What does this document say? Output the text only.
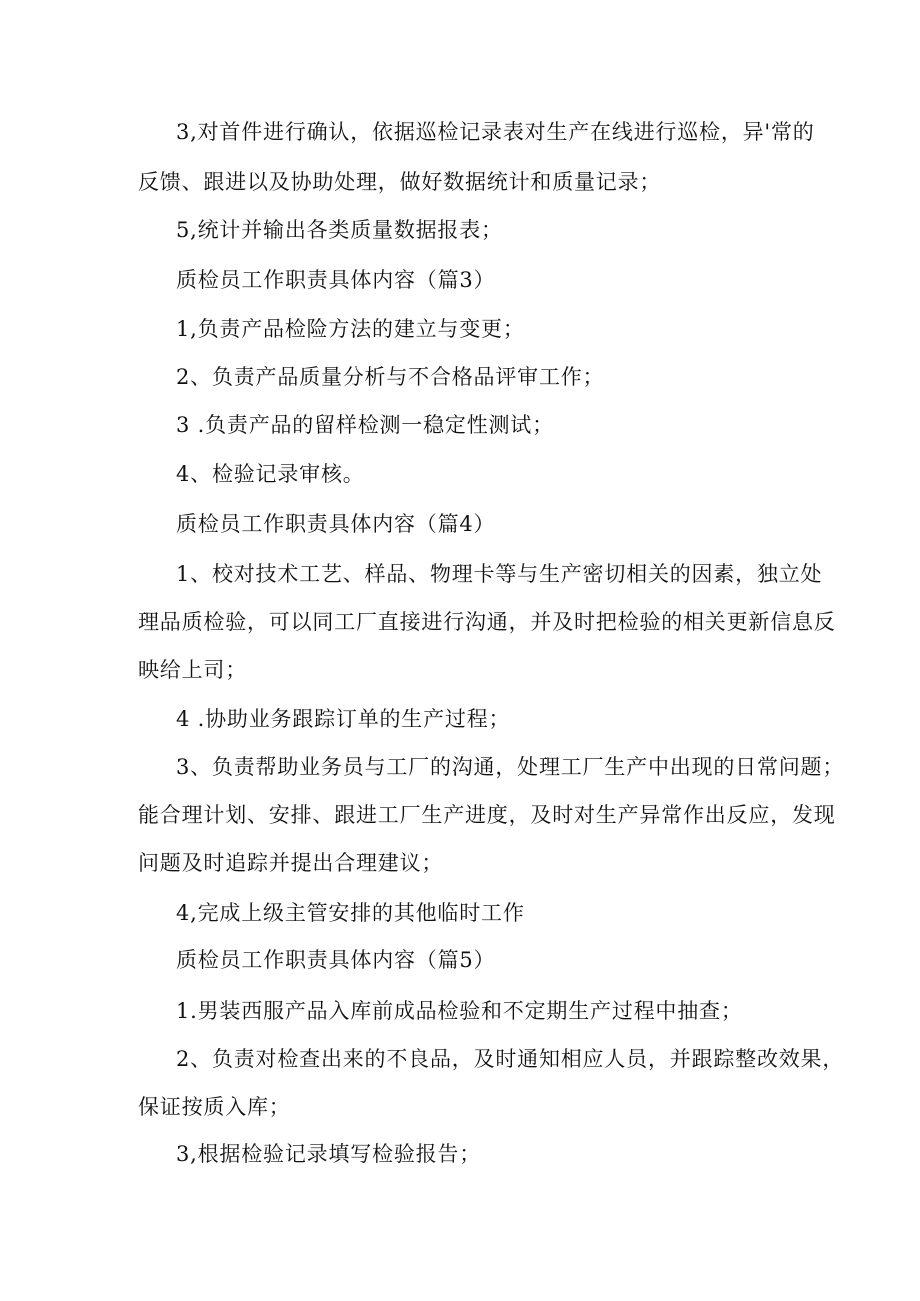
3,对首件进行确认，依据巡检记录表对生产在线进行巡检，异'常的
反馈、跟进以及协助处理，做好数据统计和质量记录；
5,统计并输出各类质量数据报表；
质检员工作职责具体内容（篇3）
1,负责产品检险方法的建立与变更；
2、负责产品质量分析与不合格品评审工作；
3 .负责产品的留样检测一稳定性测试；
4、检验记录审核。
质检员工作职责具体内容（篇4）
1、校对技术工艺、样品、物理卡等与生产密切相关的因素，独立处
理品质检验，可以同工厂直接进行沟通，并及时把检验的相关更新信息反
映给上司；
4 .协助业务跟踪订单的生产过程；
3、负责帮助业务员与工厂的沟通，处理工厂生产中出现的日常问题；
能合理计划、安排、跟进工厂生产进度，及时对生产异常作出反应，发现
问题及时追踪并提出合理建议；
4,完成上级主管安排的其他临时工作
质检员工作职责具体内容（篇5）
1.男装西服产品入库前成品检验和不定期生产过程中抽查；
2、负责对检查出来的不良品，及时通知相应人员，并跟踪整改效果，
保证按质入库；
3,根据检验记录填写检验报告；
